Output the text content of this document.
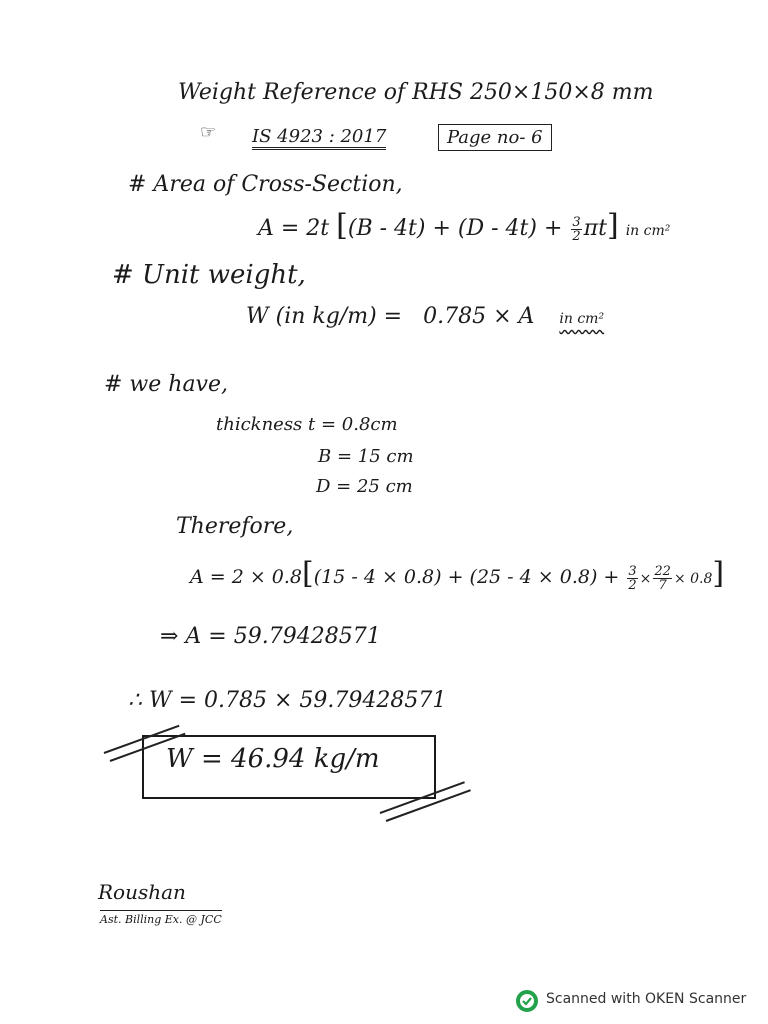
Weight Reference of RHS 250×150×8 mm
☞ IS 4923 : 2017	Page no- 6
# Area of Cross-Section,
A = 2t $[(B - 4t) + (D - 4t) + \frac{3}{2} \pi t]$ in cm²
# Unit weight,
W (in kg/m) = 0.785 × A in cm²
# we have,
thickness t = 0.8cm
B = 15 cm
D = 25 cm
Therefore,
$A = 2 \times 0.8[(15 - 4 \times 0.8) + (25 - 4 \times 0.8) + \frac{3}{2} \times \frac{22}{7} \times 0.8]$
⇒ A = 59.79428571
∴ W = 0.785 × 59.79428571
W = 46.94 kg/m
Roushan
Ast. Billing Ex. @ JCC
Scanned with OKEN Scanner
